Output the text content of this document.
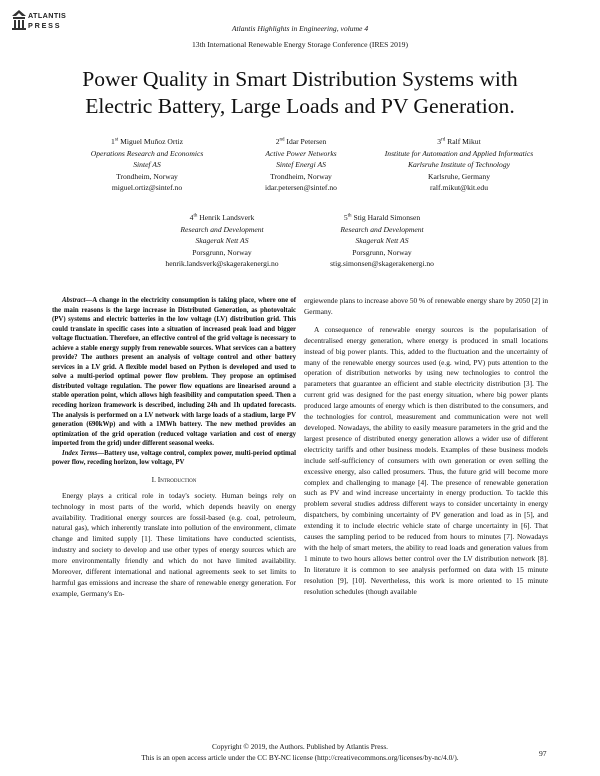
ATLANTIS
PRESS	Atlantis Highlights in Engineering, volume 4
13th International Renewable Energy Storage Conference (IRES 2019)
Power Quality in Smart Distribution Systems with
Electric Battery, Large Loads and PV Generation.
1st Miguel Muñoz Ortiz
Operations Research and Economics
Sintef AS
Trondheim, Norway
miguel.ortiz@sintef.no
2nd Idar Petersen
Active Power Networks
Sintef Energi AS
Trondheim, Norway
idar.petersen@sintef.no
3rd Ralf Mikut
Institute for Automation and Applied Informatics
Karlsruhe Institute of Technology
Karlsruhe, Germany
ralf.mikut@kit.edu
4th Henrik Landsverk
Research and Development
Skagerak Nett AS
Porsgrunn, Norway
henrik.landsverk@skagerakenergi.no
5th Stig Harald Simonsen
Research and Development
Skagerak Nett AS
Porsgrunn, Norway
stig.simonsen@skagerakenergi.no

Abstract—A change in the electricity consumption is taking place, where one of the main reasons is the large increase in Distributed Generation, as photovoltaic (PV) systems and electric batteries in the low voltage (LV) distribution grid. This could translate in specific cases into a situation of increased peak load and bigger voltage fluctuation. Therefore, an effective control of the grid voltage is necessary to achieve a stable energy supply from renewable sources. What services can a battery provide? The authors present an analysis of voltage control and other battery services in a LV grid. A flexible model based on Python is developed and used to solve a multi-period optimal power flow problem. They propose an optimised distributed voltage regulation. The power flow equations are linearised around a stable operation point, which allows high feasibility and computation speed. Then a receding horizon framework is described, including 24h and 1h updated forecasts. The analysis is performed on a LV network with large loads of a stadium, large PV generation (690kWp) and with a 1MWh battery. The new method provides an optimization of the grid operation (reduced voltage variation and cost of energy imported from the grid) under different seasonal weeks.

Index Terms—Battery use, voltage control, complex power, multi-period optimal power flow, receding horizon, low voltage, PV

I. Introduction

Energy plays a critical role in today's society. Human beings rely on technology in most parts of the world, which depends heavily on energy availability. Traditional energy sources are fossil-based (e.g. coal, petroleum, natural gas), which inherently translate into pollution of the environment, climate change and limited supply [1]. These limitations have conducted scientists, industry and society to develop and use other types of energy sources which are more environmentally friendly and which do not have limited availability. Moreover, different international and national agreements seek to set limits to harmful gas emissions and increase the share of renewable energy generation. For example, Germany's En-

ergiewende plans to increase above 50 % of renewable energy share by 2050 [2] in Germany.

A consequence of renewable energy sources is the popularisation of decentralised energy generation, where energy is produced in small locations instead of big power plants. This, added to the fluctuation and the uncertainty of many of the renewable energy sources used (e.g. wind, PV) puts attention to the operation of distribution networks by using new technologies to control the parameters that guarantee an efficient and stable electricity distribution [3]. The current grid was designed for the past energy situation, where big power plants produced large amounts of energy which is then distributed to the consumers, and the technologies for control, measurement and communication were not well developed. Nowadays, the ability to easily measure parameters in the grid and the largest presence of distributed energy generation allows a wider use of different electricity tariffs and other business models. Examples of these business models include self-sufficiency of consumers with own generation or even selling the excessive energy, also called prosumers. Thus, the future grid will become more complex and challenging to manage [4]. The presence of renewable generation such as PV and wind increase uncertainty in energy production. To tackle this problem several studies address different ways to consider uncertainty in energy dispatchers, by combining uncertainty of PV generation and load as in [5], and extending it to include electric vehicle state of charge uncertainty in [6]. That causes the sampling period to be reduced from hours to minutes [7]. Nowadays with the help of smart meters, the ability to read loads and generation values from 1 minute to two hours allows better control over the LV distribution network [8]. In literature it is common to see analysis performed on data with 15 minute resolution [9], [10]. Nevertheless, this work is more oriented to 15 minute resolution schedules (though available

Copyright © 2019, the Authors. Published by Atlantis Press.
This is an open access article under the CC BY-NC license (http://creativecommons.org/licenses/by-nc/4.0/).	97
